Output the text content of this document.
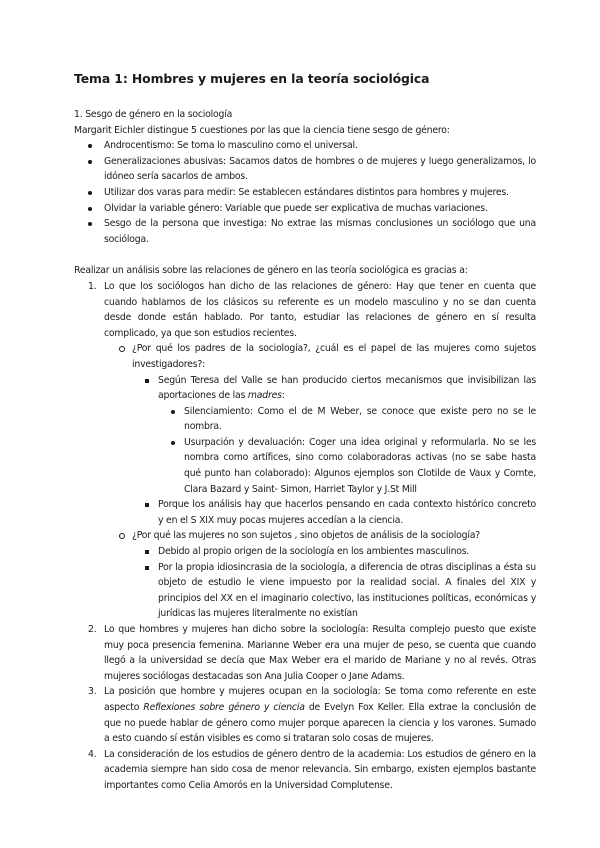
Tema 1: Hombres y mujeres en la teoría sociológica

1. Sesgo de género en la sociología

Margarit Eichler distingue 5 cuestiones por las que la ciencia tiene sesgo de género:

Androcentismo: Se toma lo masculino como el universal.
Generalizaciones abusivas: Sacamos datos de hombres o de mujeres y luego generalizamos, lo idóneo sería sacarlos de ambos.
Utilizar dos varas para medir: Se establecen estándares distintos para hombres y mujeres.
Olvidar la variable género: Variable que puede ser explicativa de muchas variaciones.
Sesgo de la persona que investiga: No extrae las mismas conclusiones un sociólogo que una socióloga.

Realizar un análisis sobre las relaciones de género en las teoría sociológica es gracias a:

1. Lo que los sociólogos han dicho de las relaciones de género: Hay que tener en cuenta que cuando hablamos de los clásicos su referente es un modelo masculino y no se dan cuenta desde donde están hablado. Por tanto, estudiar las relaciones de género en sí resulta complicado, ya que son estudios recientes.
¿Por qué los padres de la sociología?, ¿cuál es el papel de las mujeres como sujetos investigadores?:
Según Teresa del Valle se han producido ciertos mecanismos que invisibilizan las aportaciones de las madres:
Silenciamiento: Como el de M Weber, se conoce que existe pero no se le nombra.
Usurpación y devaluación: Coger una idea original y reformularla. No se les nombra como artífices, sino como colaboradoras activas (no se sabe hasta qué punto han colaborado): Algunos ejemplos son Clotilde de Vaux y Comte, Clara Bazard y Saint- Simon, Harriet Taylor y J.St Mill
Porque los análisis hay que hacerlos pensando en cada contexto histórico concreto y en el S XIX muy pocas mujeres accedían a la ciencia.
¿Por qué las mujeres no son sujetos , sino objetos de análisis de la sociología?
Debido al propio origen de la sociología en los ambientes masculinos.
Por la propia idiosincrasia de la sociología, a diferencia de otras disciplinas a ésta su objeto de estudio le viene impuesto por la realidad social. A finales del XIX y principios del XX en el imaginario colectivo, las instituciones políticas, económicas y jurídicas las mujeres literalmente no existían
2. Lo que hombres y mujeres han dicho sobre la sociología: Resulta complejo puesto que existe muy poca presencia femenina. Marianne Weber era una mujer de peso, se cuenta que cuando llegó a la universidad se decía que Max Weber era el marido de Mariane y no al revés. Otras mujeres sociólogas destacadas son Ana Julia Cooper o Jane Adams.
3. La posición que hombre y mujeres ocupan en la sociología: Se toma como referente en este aspecto Reflexiones sobre género y ciencia de Evelyn Fox Keller. Ella extrae la conclusión de que no puede hablar de género como mujer porque aparecen la ciencia y los varones. Sumado a esto cuando sí están visibles es como si trataran solo cosas de mujeres.
4. La consideración de los estudios de género dentro de la academia: Los estudios de género en la academia siempre han sido cosa de menor relevancia. Sin embargo, existen ejemplos bastante importantes como Celia Amorós en la Universidad Complutense.
